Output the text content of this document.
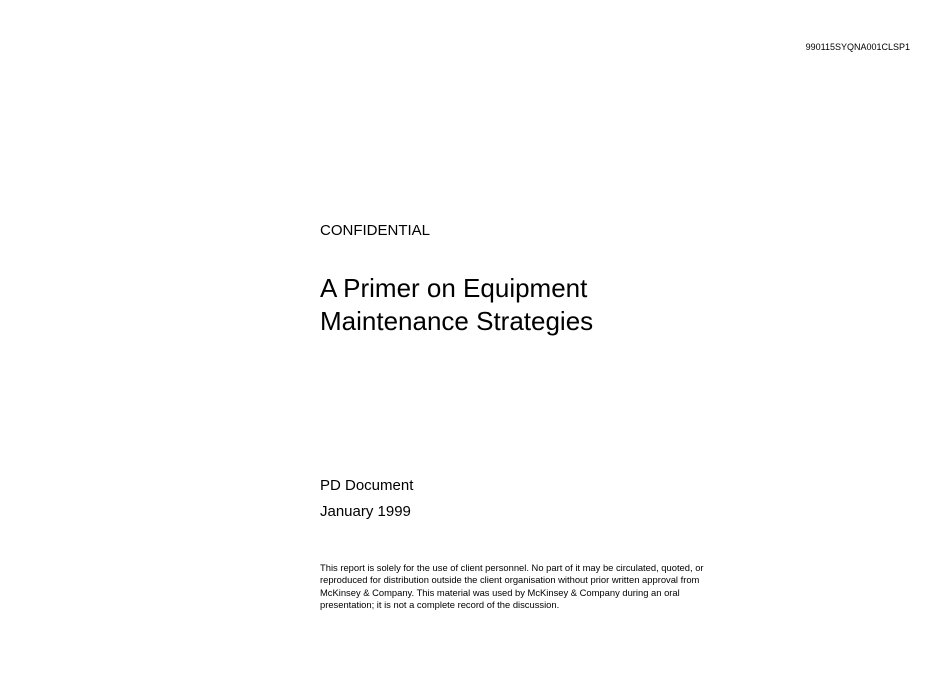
990115SYQNA001CLSP1
CONFIDENTIAL
A Primer on Equipment
Maintenance Strategies
PD Document
January 1999
This report is solely for the use of client personnel. No part of it may be circulated, quoted, or
reproduced for distribution outside the client organisation without prior written approval from
McKinsey & Company. This material was used by McKinsey & Company during an oral
presentation; it is not a complete record of the discussion.
